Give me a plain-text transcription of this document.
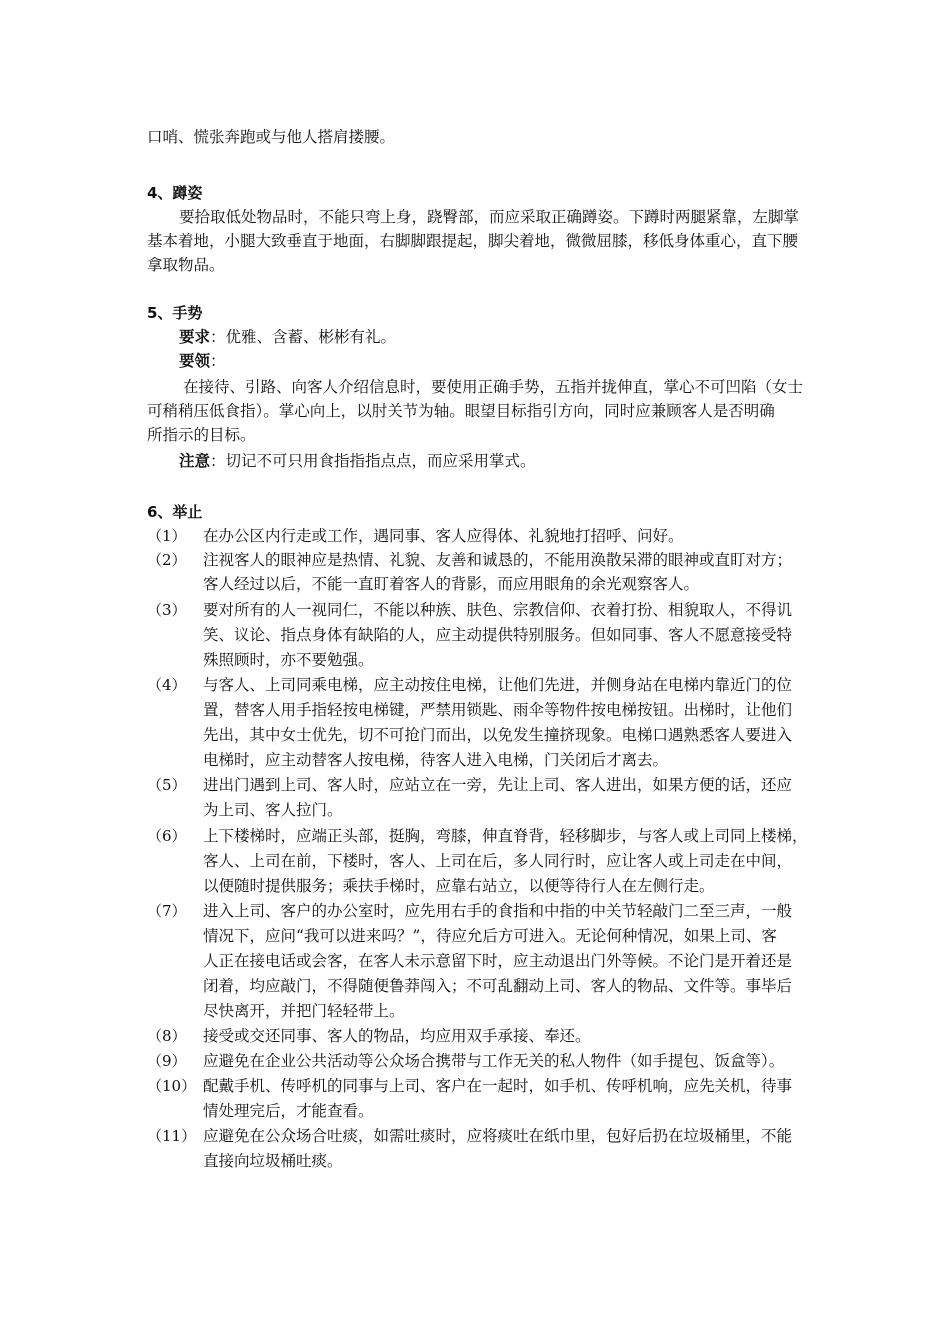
口哨、慌张奔跑或与他人搭肩搂腰。
4、蹲姿
要拾取低处物品时，不能只弯上身，跷臀部，而应采取正确蹲姿。下蹲时两腿紧靠，左脚掌
基本着地，小腿大致垂直于地面，右脚脚跟提起，脚尖着地，微微屈膝，移低身体重心，直下腰
拿取物品。
5、手势
要求：优雅、含蓄、彬彬有礼。
要领：
在接待、引路、向客人介绍信息时，要使用正确手势，五指并拢伸直，掌心不可凹陷（女士
可稍稍压低食指）。掌心向上，以肘关节为轴。眼望目标指引方向，同时应兼顾客人是否明确
所指示的目标。
注意：切记不可只用食指指指点点，而应采用掌式。
6、举止
（1） 在办公区内行走或工作，遇同事、客人应得体、礼貌地打招呼、问好。
（2） 注视客人的眼神应是热情、礼貌、友善和诚恳的，不能用涣散呆滞的眼神或直盯对方；
客人经过以后，不能一直盯着客人的背影，而应用眼角的余光观察客人。
（3） 要对所有的人一视同仁，不能以种族、肤色、宗教信仰、衣着打扮、相貌取人，不得讥
笑、议论、指点身体有缺陷的人，应主动提供特别服务。但如同事、客人不愿意接受特
殊照顾时，亦不要勉强。
（4） 与客人、上司同乘电梯，应主动按住电梯，让他们先进，并侧身站在电梯内靠近门的位
置，替客人用手指轻按电梯键，严禁用锁匙、雨伞等物件按电梯按钮。出梯时，让他们
先出，其中女士优先，切不可抢门而出，以免发生撞挤现象。电梯口遇熟悉客人要进入
电梯时，应主动替客人按电梯，待客人进入电梯，门关闭后才离去。
（5） 进出门遇到上司、客人时，应站立在一旁，先让上司、客人进出，如果方便的话，还应
为上司、客人拉门。
（6） 上下楼梯时，应端正头部，挺胸，弯膝，伸直脊背，轻移脚步，与客人或上司同上楼梯，
客人、上司在前，下楼时，客人、上司在后，多人同行时，应让客人或上司走在中间，
以便随时提供服务；乘扶手梯时，应靠右站立，以便等待行人在左侧行走。
（7） 进入上司、客户的办公室时，应先用右手的食指和中指的中关节轻敲门二至三声，一般
情况下，应问“我可以进来吗？”，待应允后方可进入。无论何种情况，如果上司、客
人正在接电话或会客，在客人未示意留下时，应主动退出门外等候。不论门是开着还是
闭着，均应敲门，不得随便鲁莽闯入；不可乱翻动上司、客人的物品、文件等。事毕后
尽快离开，并把门轻轻带上。
（8） 接受或交还同事、客人的物品，均应用双手承接、奉还。
（9） 应避免在企业公共活动等公众场合携带与工作无关的私人物件（如手提包、饭盒等）。
（10） 配戴手机、传呼机的同事与上司、客户在一起时，如手机、传呼机响，应先关机，待事
情处理完后，才能查看。
（11） 应避免在公众场合吐痰，如需吐痰时，应将痰吐在纸巾里，包好后扔在垃圾桶里，不能
直接向垃圾桶吐痰。
